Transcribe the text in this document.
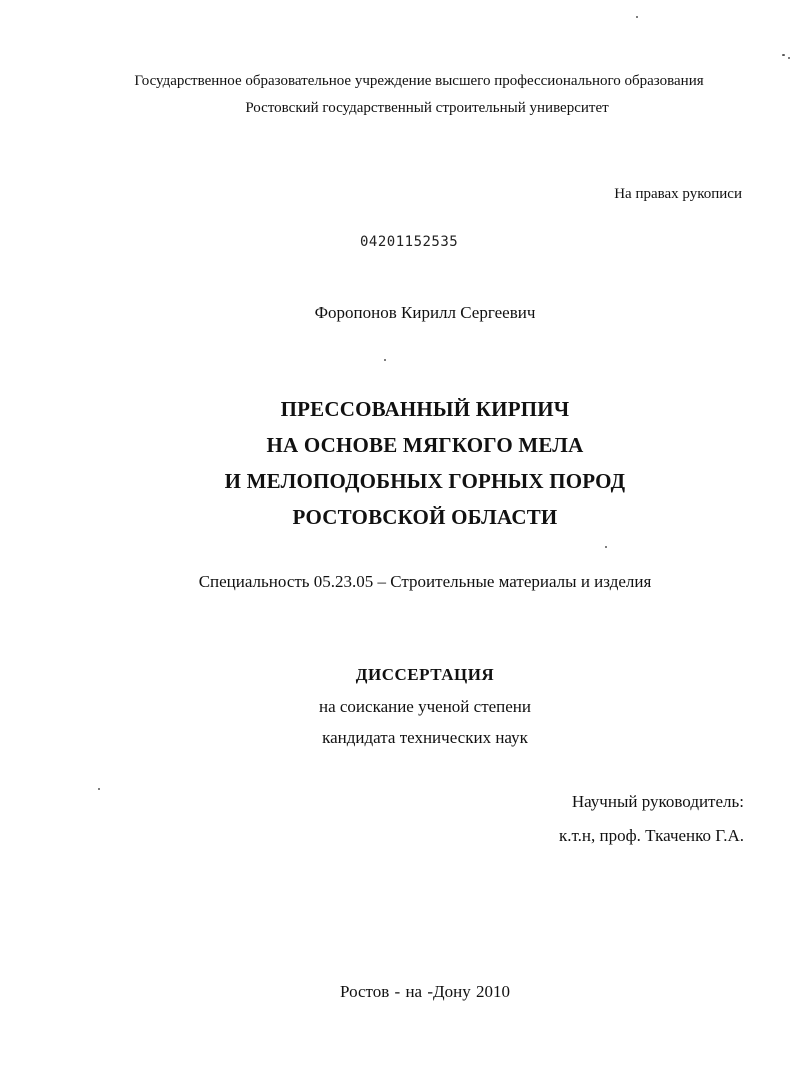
Государственное образовательное учреждение высшего профессионального образования
Ростовский государственный строительный университет
На правах рукописи
04201152535
Форопонов Кирилл Сергеевич
ПРЕССОВАННЫЙ КИРПИЧ
НА ОСНОВЕ МЯГКОГО МЕЛА
И МЕЛОПОДОБНЫХ ГОРНЫХ ПОРОД
РОСТОВСКОЙ ОБЛАСТИ
Специальность 05.23.05 – Строительные материалы и изделия
ДИССЕРТАЦИЯ
на соискание ученой степени
кандидата технических наук
Научный руководитель:
к.т.н, проф. Ткаченко Г.А.
Ростов - на -Дону 2010
